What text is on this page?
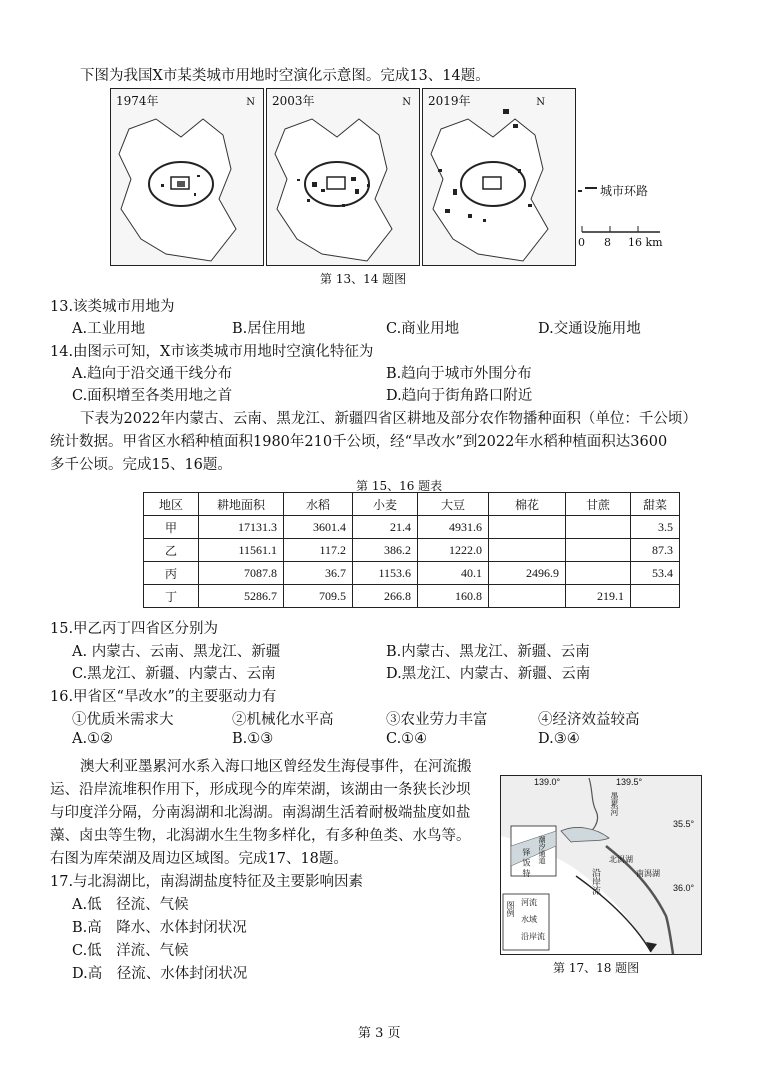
下图为我国X市某类城市用地时空演化示意图。完成13、14题。
1974年	N 2003年	N 2019年	N
城市环路
0 8 16 km
第 13、14 题图
13.该类城市用地为
A.工业用地	B.居住用地	C.商业用地	D.交通设施用地
14.由图示可知，X市该类城市用地时空演化特征为
A.趋向于沿交通干线分布	B.趋向于城市外围分布
C.面积增至各类用地之首	D.趋向于街角路口附近
下表为2022年内蒙古、云南、黑龙江、新疆四省区耕地及部分农作物播种面积（单位：千公顷）
统计数据。甲省区水稻种植面积1980年210千公顷，经“旱改水”到2022年水稻种植面积达3600
多千公顷。完成15、16题。
第 15、16 题表
地区	耕地面积	水稻	小麦	大豆	棉花	甘蔗	甜菜
甲	17131.3	3601.4	21.4	4931.6			3.5
乙	11561.1	117.2	386.2	1222.0			87.3
丙	7087.8	36.7	1153.6	40.1	2496.9		53.4
丁	5286.7	709.5	266.8	160.8		219.1	
15.甲乙丙丁四省区分别为
A. 内蒙古、云南、黑龙江、新疆	B.内蒙古、黑龙江、新疆、云南
C.黑龙江、新疆、内蒙古、云南	D.黑龙江、内蒙古、新疆、云南
16.甲省区“旱改水”的主要驱动力有
①优质米需求大	②机械化水平高	③农业劳力丰富	④经济效益较高
A.①②	B.①③	C.①④	D.③④
澳大利亚墨累河水系入海口地区曾经发生海侵事件，在河流搬
运、沿岸流堆积作用下，形成现今的库荣湖，该湖由一条狭长沙坝
与印度洋分隔，分南潟湖和北潟湖。南潟湖生活着耐极端盐度如盐
藻、卤虫等生物，北潟湖水生生物多样化，有多种鱼类、水鸟等。
右图为库荣湖及周边区域图。完成17、18题。
139.0°	139.5°
35.5°
36.0°
墨累河
北潟湖
南潟湖
沿岸流
潮汐通道
铎 饭 特
图例 河流
水域
沿岸流
第 17、18 题图
17.与北潟湖比，南潟湖盐度特征及主要影响因素
A.低　径流、气候
B.高　降水、水体封闭状况
C.低　洋流、气候
D.高　径流、水体封闭状况
第 3 页
